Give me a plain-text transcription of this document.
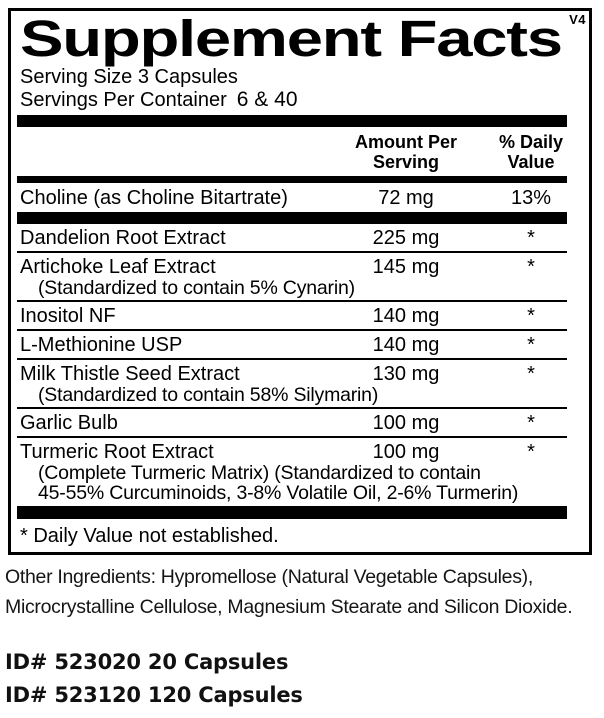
V4
Supplement Facts
Serving Size 3 Capsules
Servings Per Container 6 & 40
Amount Per
Serving
% Daily
Value
Choline (as Choline Bitartrate)	72 mg	13%
Dandelion Root Extract	225 mg	*
Artichoke Leaf Extract	145 mg	*
(Standardized to contain 5% Cynarin)
Inositol NF	140 mg	*
L-Methionine USP	140 mg	*
Milk Thistle Seed Extract	130 mg	*
(Standardized to contain 58% Silymarin)
Garlic Bulb	100 mg	*
Turmeric Root Extract	100 mg	*
(Complete Turmeric Matrix) (Standardized to contain
45-55% Curcuminoids, 3-8% Volatile Oil, 2-6% Turmerin)
* Daily Value not established.
Other Ingredients: Hypromellose (Natural Vegetable Capsules),
Microcrystalline Cellulose, Magnesium Stearate and Silicon Dioxide.
ID# 523020 20 Capsules
ID# 523120 120 Capsules
